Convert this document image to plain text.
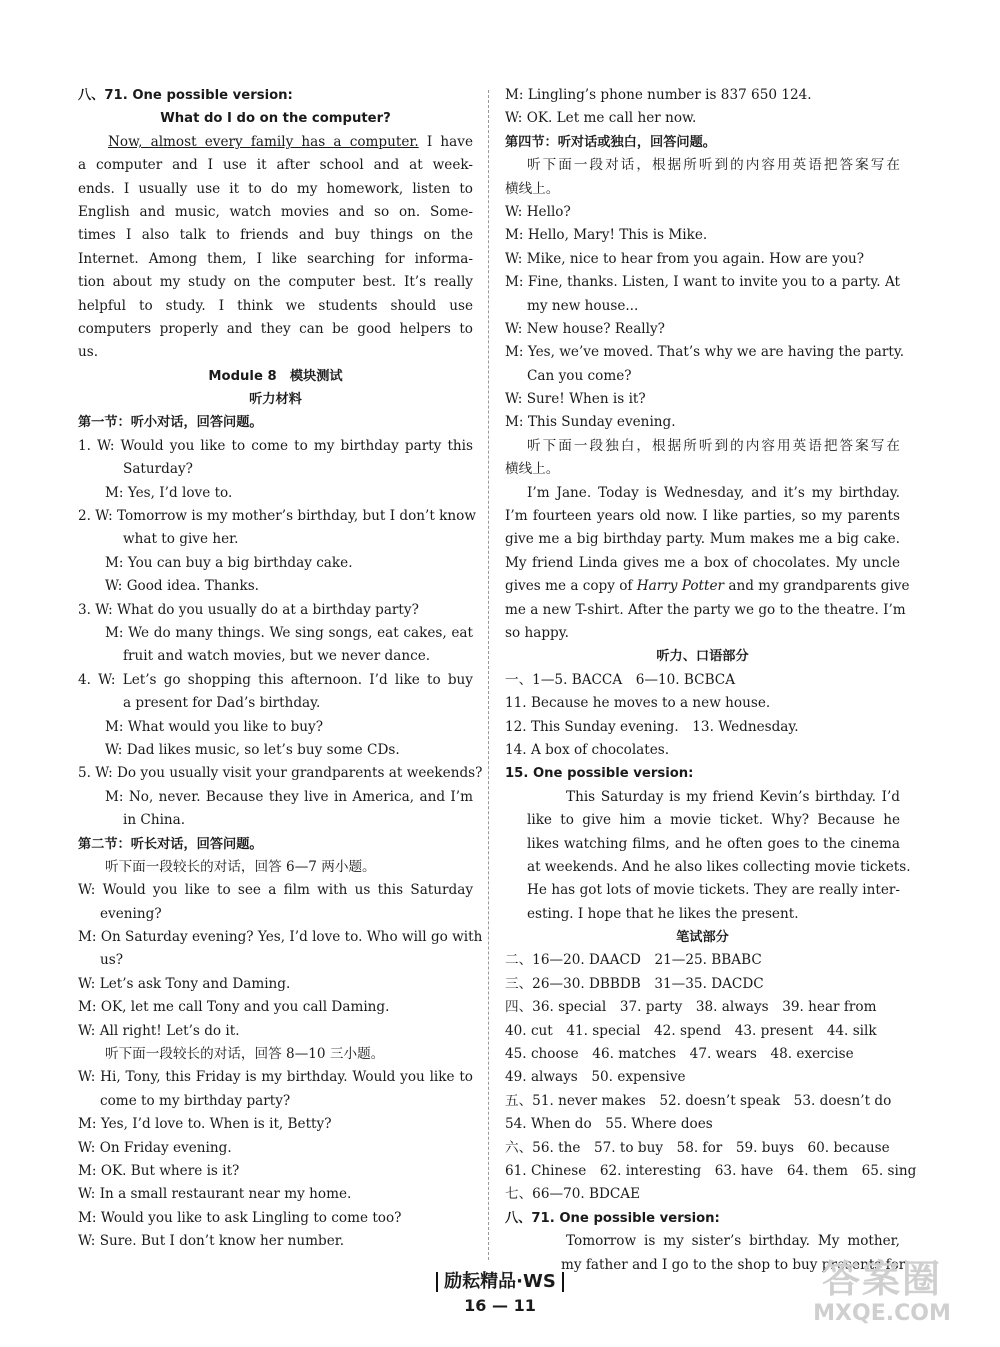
八、71. One possible version:
What do I do on the computer?
Now, almost every family has a computer. I have
a computer and I use it after school and at week-
ends. I usually use it to do my homework, listen to
English and music, watch movies and so on. Some-
times I also talk to friends and buy things on the
Internet. Among them, I like searching for informa-
tion about my study on the computer best. It’s really
helpful to study. I think we students should use
computers properly and they can be good helpers to
us.
Module 8　模块测试
听力材料
第一节：听小对话，回答问题。
1. W: Would you like to come to my birthday party this
Saturday?
M: Yes, I’d love to.
2. W: Tomorrow is my mother’s birthday, but I don’t know
what to give her.
M: You can buy a big birthday cake.
W: Good idea. Thanks.
3. W: What do you usually do at a birthday party?
M: We do many things. We sing songs, eat cakes, eat
fruit and watch movies, but we never dance.
4. W: Let’s go shopping this afternoon. I’d like to buy
a present for Dad’s birthday.
M: What would you like to buy?
W: Dad likes music, so let’s buy some CDs.
5. W: Do you usually visit your grandparents at weekends?
M: No, never. Because they live in America, and I’m
in China.
第二节：听长对话，回答问题。
听下面一段较长的对话，回答 6—7 两小题。
W: Would you like to see a film with us this Saturday
evening?
M: On Saturday evening? Yes, I’d love to. Who will go with
us?
W: Let’s ask Tony and Daming.
M: OK, let me call Tony and you call Daming.
W: All right! Let’s do it.
听下面一段较长的对话，回答 8—10 三小题。
W: Hi, Tony, this Friday is my birthday. Would you like to
come to my birthday party?
M: Yes, I’d love to. When is it, Betty?
W: On Friday evening.
M: OK. But where is it?
W: In a small restaurant near my home.
M: Would you like to ask Lingling to come too?
W: Sure. But I don’t know her number.
M: Lingling’s phone number is 837 650 124.
W: OK. Let me call her now.
第四节：听对话或独白，回答问题。
听下面一段对话，根据所听到的内容用英语把答案写在
横线上。
W: Hello?
M: Hello, Mary! This is Mike.
W: Mike, nice to hear from you again. How are you?
M: Fine, thanks. Listen, I want to invite you to a party. At
my new house...
W: New house? Really?
M: Yes, we’ve moved. That’s why we are having the party.
Can you come?
W: Sure! When is it?
M: This Sunday evening.
听下面一段独白，根据所听到的内容用英语把答案写在
横线上。
I’m Jane. Today is Wednesday, and it’s my birthday.
I’m fourteen years old now. I like parties, so my parents
give me a big birthday party. Mum makes me a big cake.
My friend Linda gives me a box of chocolates. My uncle
gives me a copy of Harry Potter and my grandparents give
me a new T-shirt. After the party we go to the theatre. I’m
so happy.
听力、口语部分
一、1—5. BACCA　6—10. BCBCA
11. Because he moves to a new house.
12. This Sunday evening.　13. Wednesday.
14. A box of chocolates.
15. One possible version:
This Saturday is my friend Kevin’s birthday. I’d
like to give him a movie ticket. Why? Because he
likes watching films, and he often goes to the cinema
at weekends. And he also likes collecting movie tickets.
He has got lots of movie tickets. They are really inter-
esting. I hope that he likes the present.
笔试部分
二、16—20. DAACD　21—25. BBABC
三、26—30. DBBDB　31—35. DACDC
四、36. special　37. party　38. always　39. hear from
40. cut　41. special　42. spend　43. present　44. silk
45. choose　46. matches　47. wears　48. exercise
49. always　50. expensive
五、51. never makes　52. doesn’t speak　53. doesn’t do
54. When do　55. Where does
六、56. the　57. to buy　58. for　59. buys　60. because
61. Chinese　62. interesting　63. have　64. them　65. sing
七、66—70. BDCAE
八、71. One possible version:
Tomorrow is my sister’s birthday. My mother,
my father and I go to the shop to buy presents for
励耘精品·WS
16 — 11
答案圈
MXQE.COM
